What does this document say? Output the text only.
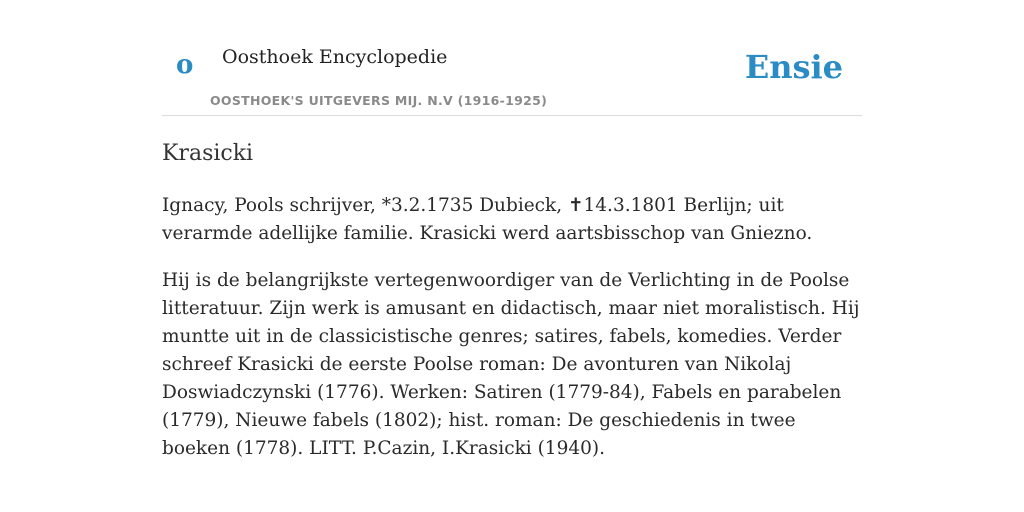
o Oosthoek Encyclopedie
OOSTHOEK'S UITGEVERS MIJ. N.V (1916-1925)
Ensie
Krasicki

Ignacy, Pools schrijver, *3.2.1735 Dubieck, ✝14.3.1801 Berlijn; uit verarmde adellijke familie. Krasicki werd aartsbisschop van Gniezno.

Hij is de belangrijkste vertegenwoordiger van de Verlichting in de Poolse litteratuur. Zijn werk is amusant en didactisch, maar niet moralistisch. Hij muntte uit in de classicistische genres; satires, fabels, komedies. Verder schreef Krasicki de eerste Poolse roman: De avonturen van Nikolaj Doswiadczynski (1776). Werken: Satiren (1779-84), Fabels en parabelen (1779), Nieuwe fabels (1802); hist. roman: De geschiedenis in twee boeken (1778). LITT. P.Cazin, I.Krasicki (1940).
